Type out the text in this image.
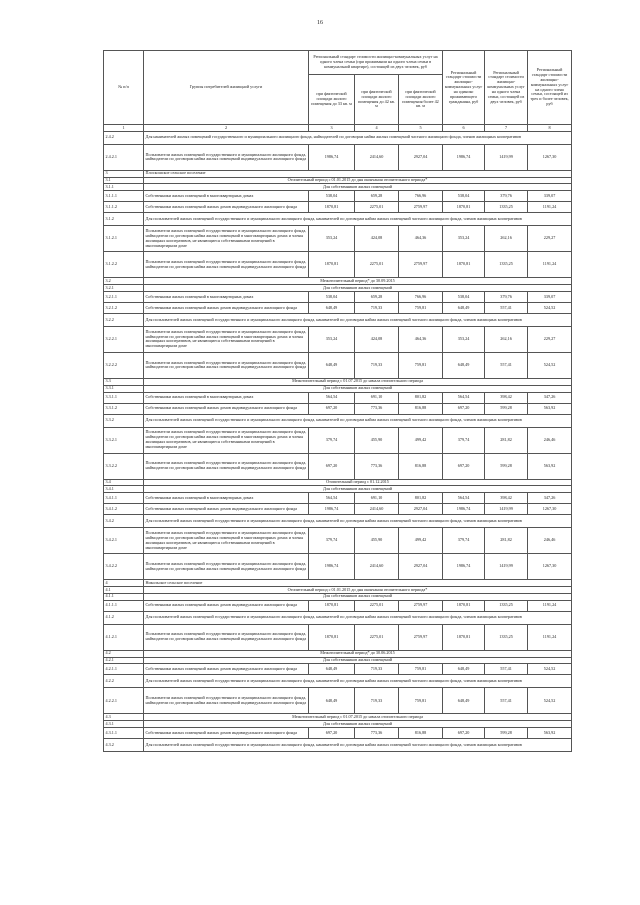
16
№ п/п	Группы потребителей жилищной услуги	Региональный стандарт стоимости жилищно-коммунальных услуг на одного члена семьи (при проживании на одного члена семьи в коммунальной квартире), состоящей из двух человек, руб			Региональный стандарт стоимости жилищно-коммунальных услуг на одиноко проживающего гражданина, руб	Региональный стандарт стоимости жилищно-коммунальных услуг на одного члена семьи, состоящей из двух человек, руб	Региональный стандарт стоимости жилищно-коммунальных услуг на одного члена семьи, состоящей из трех и более человек, руб
		при фактической площади жилого помещения до 33 кв. м	при фактической площади жилого помещения до 42 кв. м	при фактической площади жилого помещения более 42 кв. м			
1	2	3	4	5	6	7	8
2.4.2	Для нанимателей жилых помещений государственного и муниципального жилищного фонда, наймодателей по договорам найма жилых помещений частного жилищного фонда, членов жилищных кооперативов						
2.4.2.1	Пользователи жилых помещений государственного и муниципального жилищного фонда, наймодатели по договорам найма жилых помещений индивидуального жилищного фонда	1986,74	2414,60	2927,04	1986,74	1419,99	1267,30
3	Плоскошское сельское поселение						
3.1	Отопительный период с 01.01.2015 до дня окончания отопительного периода*						
3.1.1	Для собственников жилых помещений						
3.1.1.1	Собственники жилых помещений в многоквартирных домах	538,04	659,28	766,96	538,04	379,76	339,07
3.1.1.2	Собственники жилых помещений жилых домов индивидуального жилищного фонда	1870,81	2275,01	2759,97	1870,81	1335,25	1191,24
3.1.2	Для пользователей жилых помещений государственного и муниципального жилищного фонда, нанимателей по договорам найма жилых помещений частного жилищного фонда, членов жилищных кооперативов						
3.1.2.1	Пользователи жилых помещений государственного и муниципального жилищного фонда, наймодатели по договорам найма жилых помещений в многоквартирных домах и члены жилищных кооперативов, не являющиеся собственниками помещений в многоквартирном доме	353,24	424,08	464,36	353,24	262,16	229,27
3.1.2.2	Пользователи жилых помещений государственного и муниципального жилищного фонда, наймодатели по договорам найма жилых помещений индивидуального жилищного фонда	1870,81	2275,01	2759,97	1870,81	1335,25	1191,24
3.2	Межотопительный период* до 30.09.2015						
3.2.1	Для собственников жилых помещений						
3.2.1.1	Собственники жилых помещений в многоквартирных домах	538,04	659,28	766,96	538,04	379,76	339,07
3.2.1.2	Собственники жилых помещений жилых домов индивидуального жилищного фонда	648,49	719,33	759,81	648,49	557,41	524,52
3.2.2	Для пользователей жилых помещений государственного и муниципального жилищного фонда, нанимателей по договорам найма жилых помещений частного жилищного фонда, членов жилищных кооперативов						
3.2.2.1	Пользователи жилых помещений государственного и муниципального жилищного фонда, наймодатели по договорам найма жилых помещений в многоквартирных домах и члены жилищных кооперативов, не являющиеся собственниками помещений в многоквартирном доме	353,24	424,08	464,36	353,24	262,16	229,27
3.2.2.2	Пользователи жилых помещений государственного и муниципального жилищного фонда, наймодатели по договорам найма жилых помещений индивидуального жилищного фонда	648,49	719,33	759,81	648,49	557,41	524,52
3.3	Межотопительный период с 01.07.2015 до начала отопительного периода						
3.3.1	Для собственников жилых помещений						
3.3.1.1	Собственники жилых помещений в многоквартирных домах	564,54	691,10	801,82	564,54	398,42	347,26
3.3.1.2	Собственники жилых помещений жилых домов индивидуального жилищного фонда	697,20	773,36	816,88	697,20	599,28	563,92
3.3.2	Для пользователей жилых помещений государственного и муниципального жилищного фонда, нанимателей по договорам найма жилых помещений частного жилищного фонда, членов жилищных кооперативов						
3.3.2.1	Пользователи жилых помещений государственного и муниципального жилищного фонда, наймодатели по договорам найма жилых помещений в многоквартирных домах и члены жилищных кооперативов, не являющиеся собственниками помещений в многоквартирном доме	379,74	455,90	499,42	379,74	281,82	246,46
3.3.2.2	Пользователи жилых помещений государственного и муниципального жилищного фонда, наймодатели по договорам найма жилых помещений индивидуального жилищного фонда	697,20	773,36	816,88	697,20	599,28	563,92
3.4	Отопительный период с 01.12.2015						
3.4.1	Для собственников жилых помещений						
3.4.1.1	Собственники жилых помещений в многоквартирных домах	564,54	691,10	801,82	564,54	398,42	347,26
3.4.1.2	Собственники жилых помещений жилых домов индивидуального жилищного фонда	1986,74	2414,60	2927,04	1986,74	1419,99	1267,30
3.4.2	Для пользователей жилых помещений государственного и муниципального жилищного фонда, нанимателей по договорам найма жилых помещений частного жилищного фонда, членов жилищных кооперативов						
3.4.2.1	Пользователи жилых помещений государственного и муниципального жилищного фонда, наймодатели по договорам найма жилых помещений в многоквартирных домах и члены жилищных кооперативов, не являющиеся собственниками помещений в многоквартирном доме	379,74	455,90	499,42	379,74	281,82	246,46
3.4.2.2	Пользователи жилых помещений государственного и муниципального жилищного фонда, наймодатели по договорам найма жилых помещений индивидуального жилищного фонда	1986,74	2414,60	2927,04	1986,74	1419,99	1267,30
4	Никольское сельское поселение						
4.1	Отопительный период с 01.01.2015 до дня окончания отопительного периода*						
4.1.1	Для собственников жилых помещений						
4.1.1.1	Собственники жилых помещений жилых домов индивидуального жилищного фонда	1870,81	2275,01	2759,97	1870,81	1335,25	1191,24
4.1.2	Для пользователей жилых помещений государственного и муниципального жилищного фонда, нанимателей по договорам найма жилых помещений частного жилищного фонда, членов жилищных кооперативов						
4.1.2.1	Пользователи жилых помещений государственного и муниципального жилищного фонда, наймодатели по договорам найма жилых помещений индивидуального жилищного фонда	1870,81	2275,01	2759,97	1870,81	1335,25	1191,24
4.2	Межотопительный период* до 30.06.2015						
4.2.1	Для собственников жилых помещений						
4.2.1.1	Собственники жилых помещений жилых домов индивидуального жилищного фонда	648,49	719,33	759,81	648,49	557,41	524,52
4.2.2	Для пользователей жилых помещений государственного и муниципального жилищного фонда, нанимателей по договорам найма жилых помещений частного жилищного фонда, членов жилищных кооперативов						
4.2.2.1	Пользователи жилых помещений государственного и муниципального жилищного фонда, наймодатели по договорам найма жилых помещений индивидуального жилищного фонда	648,49	719,33	759,81	648,49	557,41	524,52
4.3	Межотопительный период с 01.07.2015 до начала отопительного периода						
4.3.1	Для собственников жилых помещений						
4.3.1.1	Собственники жилых помещений жилых домов индивидуального жилищного фонда	697,20	773,36	816,88	697,20	599,28	563,92
4.3.2	Для пользователей жилых помещений государственного и муниципального жилищного фонда, нанимателей по договорам найма жилых помещений частного жилищного фонда, членов жилищных кооперативов						
